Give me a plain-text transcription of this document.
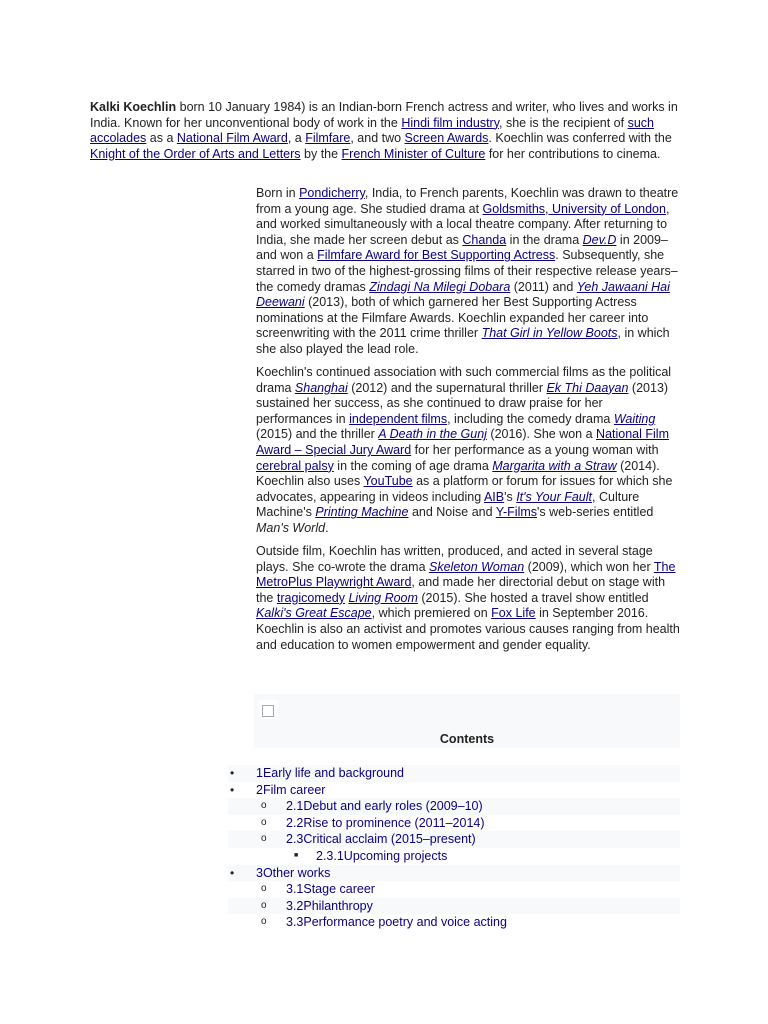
Kalki Koechlin born 10 January 1984) is an Indian-born French actress and writer, who lives and works in India. Known for her unconventional body of work in the Hindi film industry, she is the recipient of such accolades as a National Film Award, a Filmfare, and two Screen Awards. Koechlin was conferred with the Knight of the Order of Arts and Letters by the French Minister of Culture for her contributions to cinema.

Born in Pondicherry, India, to French parents, Koechlin was drawn to theatre from a young age. She studied drama at Goldsmiths, University of London, and worked simultaneously with a local theatre company. After returning to India, she made her screen debut as Chanda in the drama Dev.D in 2009–and won a Filmfare Award for Best Supporting Actress. Subsequently, she starred in two of the highest-grossing films of their respective release years–the comedy dramas Zindagi Na Milegi Dobara (2011) and Yeh Jawaani Hai Deewani (2013), both of which garnered her Best Supporting Actress nominations at the Filmfare Awards. Koechlin expanded her career into screenwriting with the 2011 crime thriller That Girl in Yellow Boots, in which she also played the lead role.

Koechlin's continued association with such commercial films as the political drama Shanghai (2012) and the supernatural thriller Ek Thi Daayan (2013) sustained her success, as she continued to draw praise for her performances in independent films, including the comedy drama Waiting (2015) and the thriller A Death in the Gunj (2016). She won a National Film Award – Special Jury Award for her performance as a young woman with cerebral palsy in the coming of age drama Margarita with a Straw (2014). Koechlin also uses YouTube as a platform or forum for issues for which she advocates, appearing in videos including AIB's It's Your Fault, Culture Machine's Printing Machine and Noise and Y-Films's web-series entitled Man's World.

Outside film, Koechlin has written, produced, and acted in several stage plays. She co-wrote the drama Skeleton Woman (2009), which won her The MetroPlus Playwright Award, and made her directorial debut on stage with the tragicomedy Living Room (2015). She hosted a travel show entitled Kalki's Great Escape, which premiered on Fox Life in September 2016. Koechlin is also an activist and promotes various causes ranging from health and education to women empowerment and gender equality.

Contents
• 1Early life and background
• 2Film career
o 2.1Debut and early roles (2009–10)
o 2.2Rise to prominence (2011–2014)
o 2.3Critical acclaim (2015–present)
■ 2.3.1Upcoming projects
• 3Other works
o 3.1Stage career
o 3.2Philanthropy
o 3.3Performance poetry and voice acting
